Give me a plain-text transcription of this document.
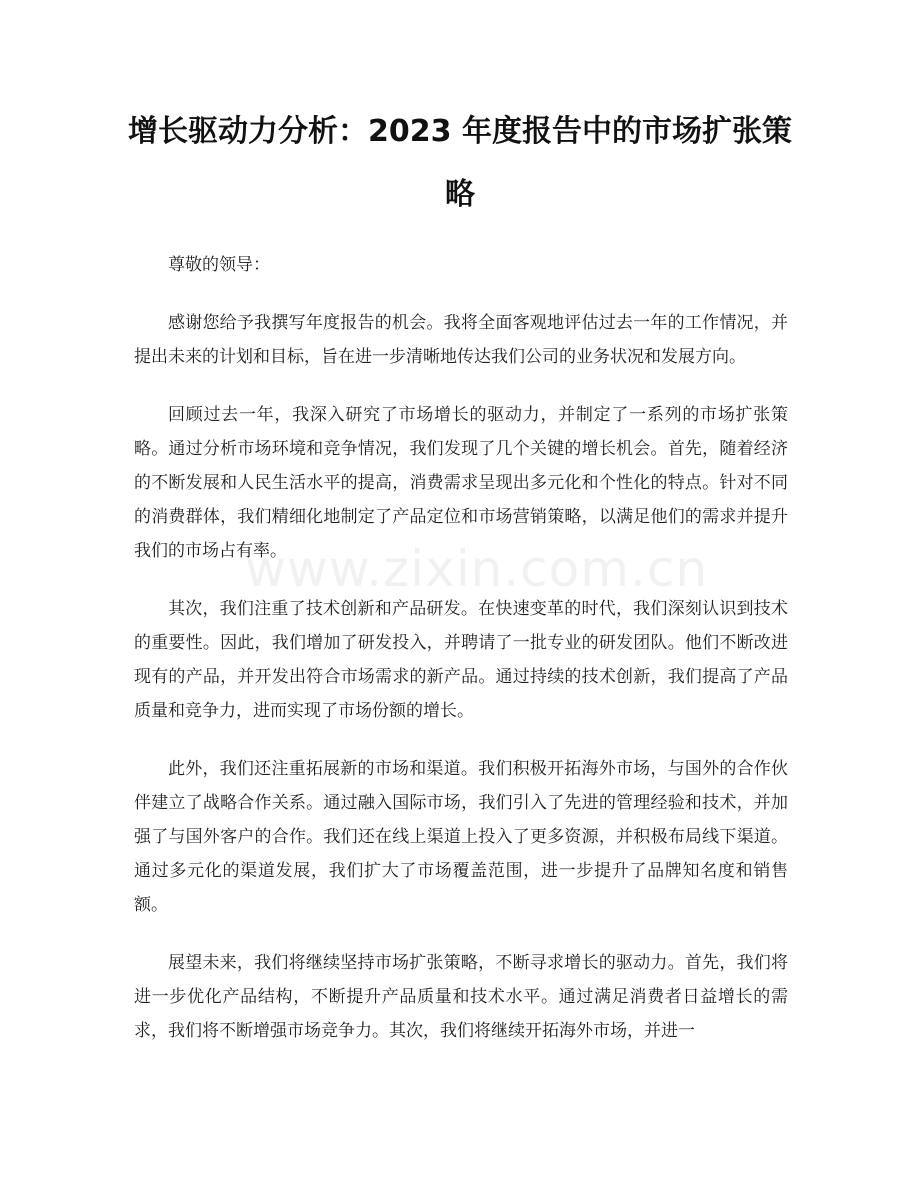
增长驱动力分析：2023 年度报告中的市场扩张策略

尊敬的领导：

感谢您给予我撰写年度报告的机会。我将全面客观地评估过去一年的工作情况，并提出未来的计划和目标，旨在进一步清晰地传达我们公司的业务状况和发展方向。

回顾过去一年，我深入研究了市场增长的驱动力，并制定了一系列的市场扩张策略。通过分析市场环境和竞争情况，我们发现了几个关键的增长机会。首先，随着经济的不断发展和人民生活水平的提高，消费需求呈现出多元化和个性化的特点。针对不同的消费群体，我们精细化地制定了产品定位和市场营销策略，以满足他们的需求并提升我们的市场占有率。

其次，我们注重了技术创新和产品研发。在快速变革的时代，我们深刻认识到技术的重要性。因此，我们增加了研发投入，并聘请了一批专业的研发团队。他们不断改进现有的产品，并开发出符合市场需求的新产品。通过持续的技术创新，我们提高了产品质量和竞争力，进而实现了市场份额的增长。

此外，我们还注重拓展新的市场和渠道。我们积极开拓海外市场，与国外的合作伙伴建立了战略合作关系。通过融入国际市场，我们引入了先进的管理经验和技术，并加强了与国外客户的合作。我们还在线上渠道上投入了更多资源，并积极布局线下渠道。通过多元化的渠道发展，我们扩大了市场覆盖范围，进一步提升了品牌知名度和销售额。

展望未来，我们将继续坚持市场扩张策略，不断寻求增长的驱动力。首先，我们将进一步优化产品结构，不断提升产品质量和技术水平。通过满足消费者日益增长的需求，我们将不断增强市场竞争力。其次，我们将继续开拓海外市场，并进一

www.zixin.com.cn
